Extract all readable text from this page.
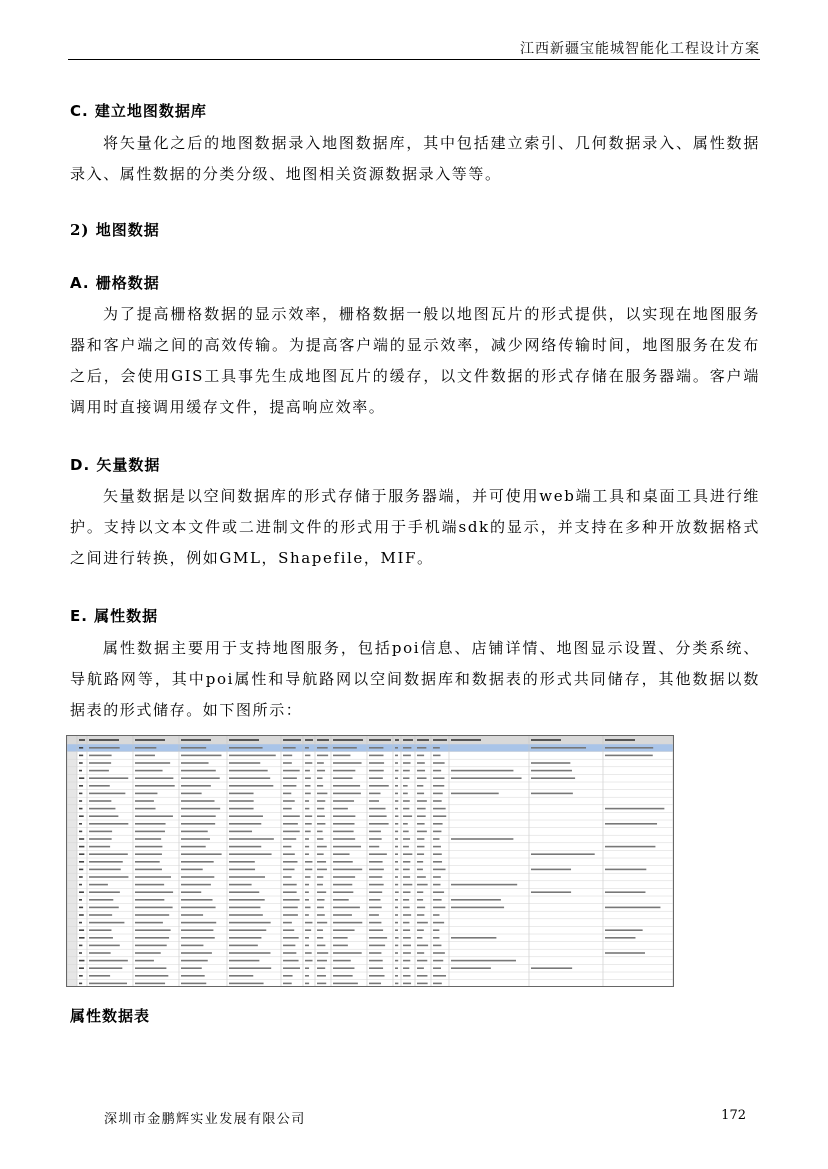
江西新疆宝能城智能化工程设计方案
C. 建立地图数据库
将矢量化之后的地图数据录入地图数据库，其中包括建立索引、几何数据录入、属性数据录入、属性数据的分类分级、地图相关资源数据录入等等。
2) 地图数据
A. 栅格数据
为了提高栅格数据的显示效率，栅格数据一般以地图瓦片的形式提供，以实现在地图服务器和客户端之间的高效传输。为提高客户端的显示效率，减少网络传输时间，地图服务在发布之后，会使用GIS工具事先生成地图瓦片的缓存，以文件数据的形式存储在服务器端。客户端调用时直接调用缓存文件，提高响应效率。
D. 矢量数据
矢量数据是以空间数据库的形式存储于服务器端，并可使用web端工具和桌面工具进行维护。支持以文本文件或二进制文件的形式用于手机端sdk的显示，并支持在多种开放数据格式之间进行转换，例如GML，Shapefile，MIF。
E. 属性数据
属性数据主要用于支持地图服务，包括poi信息、店铺详情、地图显示设置、分类系统、导航路网等，其中poi属性和导航路网以空间数据库和数据表的形式共同储存，其他数据以数据表的形式储存。如下图所示：
属性数据表
深圳市金鹏辉实业发展有限公司	172
